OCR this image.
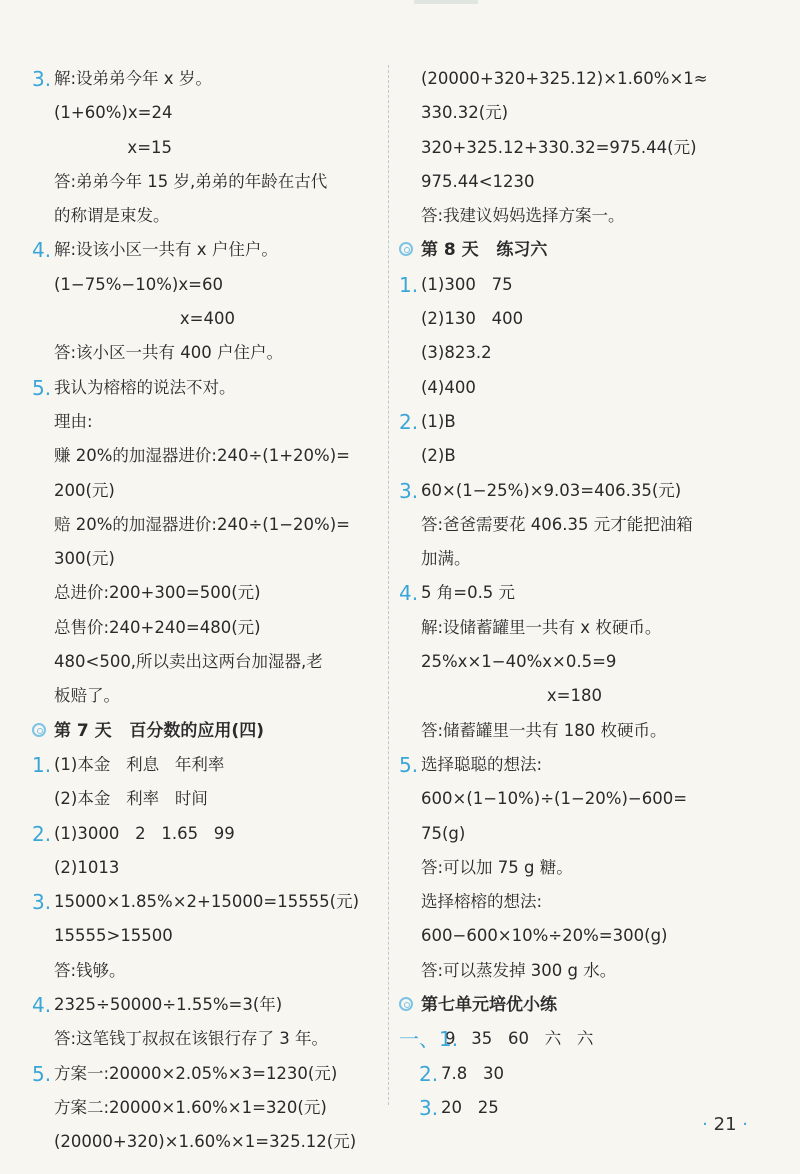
3. 解:设弟弟今年 x 岁。
(1+60%)x=24
x=15
答:弟弟今年 15 岁,弟弟的年龄在古代
的称谓是束发。
4. 解:设该小区一共有 x 户住户。
(1−75%−10%)x=60
x=400
答:该小区一共有 400 户住户。
5. 我认为榕榕的说法不对。
理由:
赚 20%的加湿器进价:240÷(1+20%)=
200(元)
赔 20%的加湿器进价:240÷(1−20%)=
300(元)
总进价:200+300=500(元)
总售价:240+240=480(元)
480<500,所以卖出这两台加湿器,老
板赔了。
第 7 天   百分数的应用(四)
1. (1)本金   利息   年利率
(2)本金   利率   时间
2. (1)3000   2   1.65   99
(2)1013
3. 15000×1.85%×2+15000=15555(元)
15555>15500
答:钱够。
4. 2325÷50000÷1.55%=3(年)
答:这笔钱丁叔叔在该银行存了 3 年。
5. 方案一:20000×2.05%×3=1230(元)
方案二:20000×1.60%×1=320(元)
(20000+320)×1.60%×1=325.12(元)
(20000+320+325.12)×1.60%×1≈
330.32(元)
320+325.12+330.32=975.44(元)
975.44<1230
答:我建议妈妈选择方案一。
第 8 天   练习六
1. (1)300   75
(2)130   400
(3)823.2
(4)400
2. (1)B
(2)B
3. 60×(1−25%)×9.03=406.35(元)
答:爸爸需要花 406.35 元才能把油箱
加满。
4. 5 角=0.5 元
解:设储蓄罐里一共有 x 枚硬币。
25%x×1−40%x×0.5=9
x=180
答:储蓄罐里一共有 180 枚硬币。
5. 选择聪聪的想法:
600×(1−10%)÷(1−20%)−600=
75(g)
答:可以加 75 g 糖。
选择榕榕的想法:
600−600×10%÷20%=300(g)
答:可以蒸发掉 300 g 水。
第七单元培优小练
一、1.
9   35   60   六   六
2. 7.8   30
3. 20   25
· 21 ·
